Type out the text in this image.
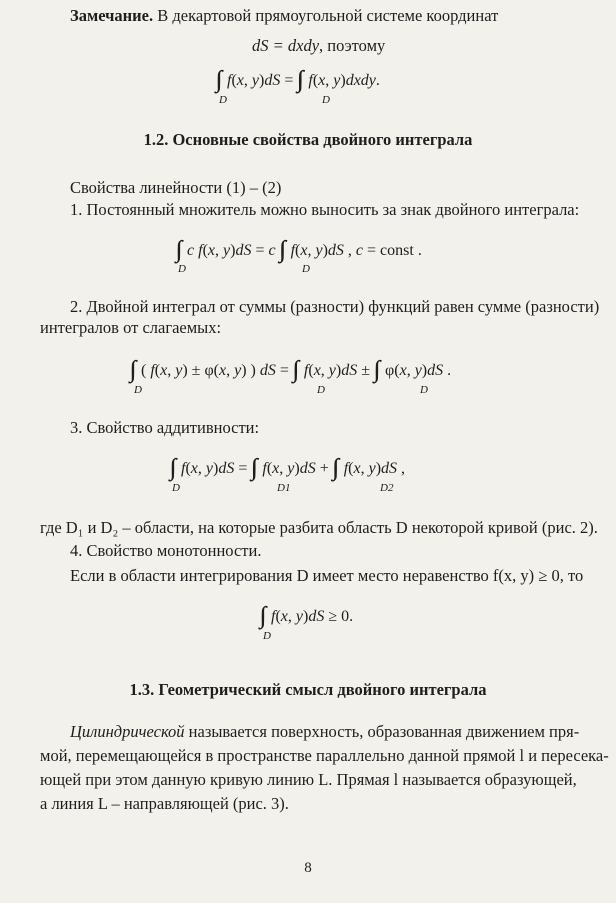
Замечание. В декартовой прямоугольной системе координат
dS = dxdy, поэтому
f(x, y)dS = f(x, y)dxdy.
D	D
1.2. Основные свойства двойного интеграла
Свойства линейности (1) – (2)
1. Постоянный множитель можно выносить за знак двойного интеграла:
c f(x, y)dS = c f(x, y)dS , c = const .
D	D
2. Двойной интеграл от суммы (разности) функций равен сумме (разности)
интегралов от слагаемых:
( f(x, y) ± φ(x, y) ) dS = f(x, y)dS ± φ(x, y)dS .
D	D	D
3. Свойство аддитивности:
f(x, y)dS = f(x, y)dS + f(x, y)dS ,
D	D1	D2
где D₁ и D₂ – области, на которые разбита область D некоторой кривой (рис. 2).
4. Свойство монотонности.
Если в области интегрирования D имеет место неравенство f(x, y) ≥ 0, то
f(x, y)dS ≥ 0.
D
1.3. Геометрический смысл двойного интеграла
Цилиндрической называется поверхность, образованная движением пря-
мой, перемещающейся в пространстве параллельно данной прямой l и пересека-
ющей при этом данную кривую линию L. Прямая l называется образующей,
а линия L – направляющей (рис. 3).
8
